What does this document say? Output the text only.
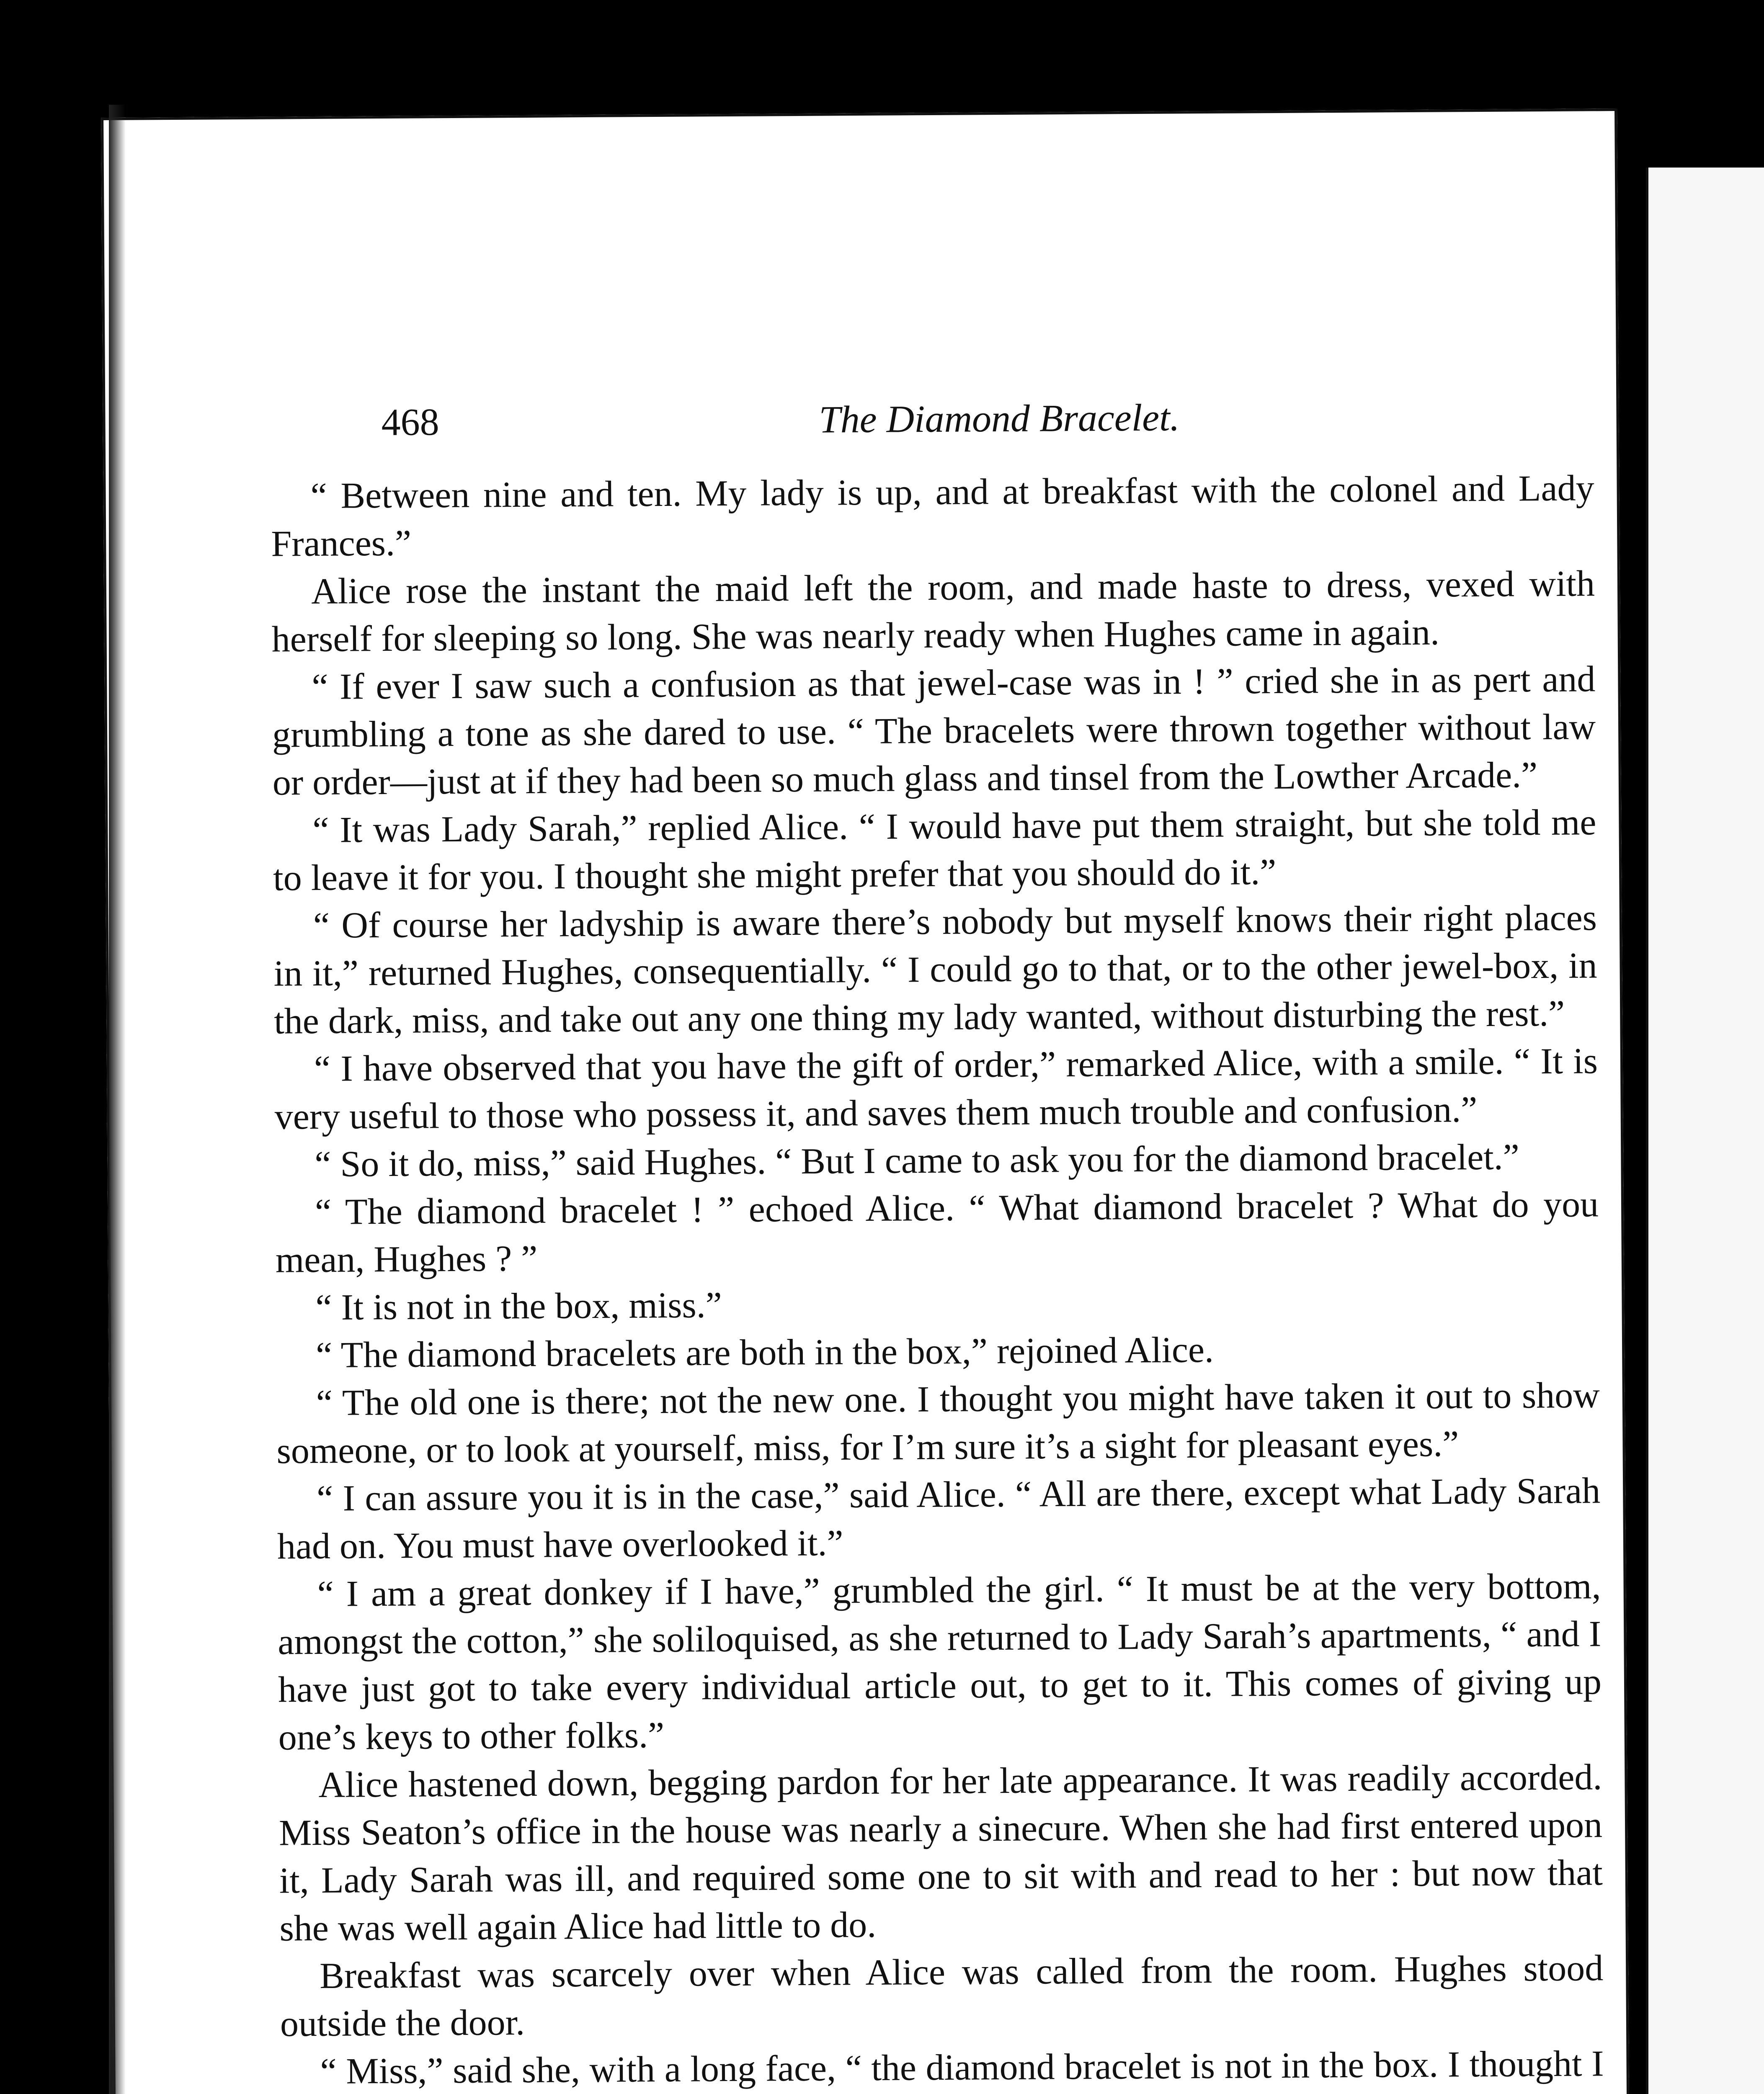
468	The Diamond Bracelet.

“ Between nine and ten. My lady is up, and at breakfast with the colonel and Lady Frances.”

Alice rose the instant the maid left the room, and made haste to dress, vexed with herself for sleeping so long. She was nearly ready when Hughes came in again.

“ If ever I saw such a confusion as that jewel-case was in ! ” cried she in as pert and grumbling a tone as she dared to use. “ The bracelets were thrown together without law or order—just at if they had been so much glass and tinsel from the Lowther Arcade.”

“ It was Lady Sarah,” replied Alice. “ I would have put them straight, but she told me to leave it for you. I thought she might prefer that you should do it.”

“ Of course her ladyship is aware there’s nobody but myself knows their right places in it,” returned Hughes, consequentially. “ I could go to that, or to the other jewel-box, in the dark, miss, and take out any one thing my lady wanted, without disturbing the rest.”

“ I have observed that you have the gift of order,” remarked Alice, with a smile. “ It is very useful to those who possess it, and saves them much trouble and confusion.”

“ So it do, miss,” said Hughes. “ But I came to ask you for the diamond bracelet.”

“ The diamond bracelet ! ” echoed Alice. “ What diamond bracelet ? What do you mean, Hughes ? ”

“ It is not in the box, miss.”

“ The diamond bracelets are both in the box,” rejoined Alice.

“ The old one is there; not the new one. I thought you might have taken it out to show someone, or to look at yourself, miss, for I’m sure it’s a sight for pleasant eyes.”

“ I can assure you it is in the case,” said Alice. “ All are there, except what Lady Sarah had on. You must have overlooked it.”

“ I am a great donkey if I have,” grumbled the girl. “ It must be at the very bottom, amongst the cotton,” she soliloquised, as she returned to Lady Sarah’s apartments, “ and I have just got to take every individual article out, to get to it. This comes of giving up one’s keys to other folks.”

Alice hastened down, begging pardon for her late appearance. It was readily accorded. Miss Seaton’s office in the house was nearly a sinecure. When she had first entered upon it, Lady Sarah was ill, and required some one to sit with and read to her : but now that she was well again Alice had little to do.

Breakfast was scarcely over when Alice was called from the room. Hughes stood outside the door.

“ Miss,” said she, with a long face, “ the diamond bracelet is not in the box. I thought I
